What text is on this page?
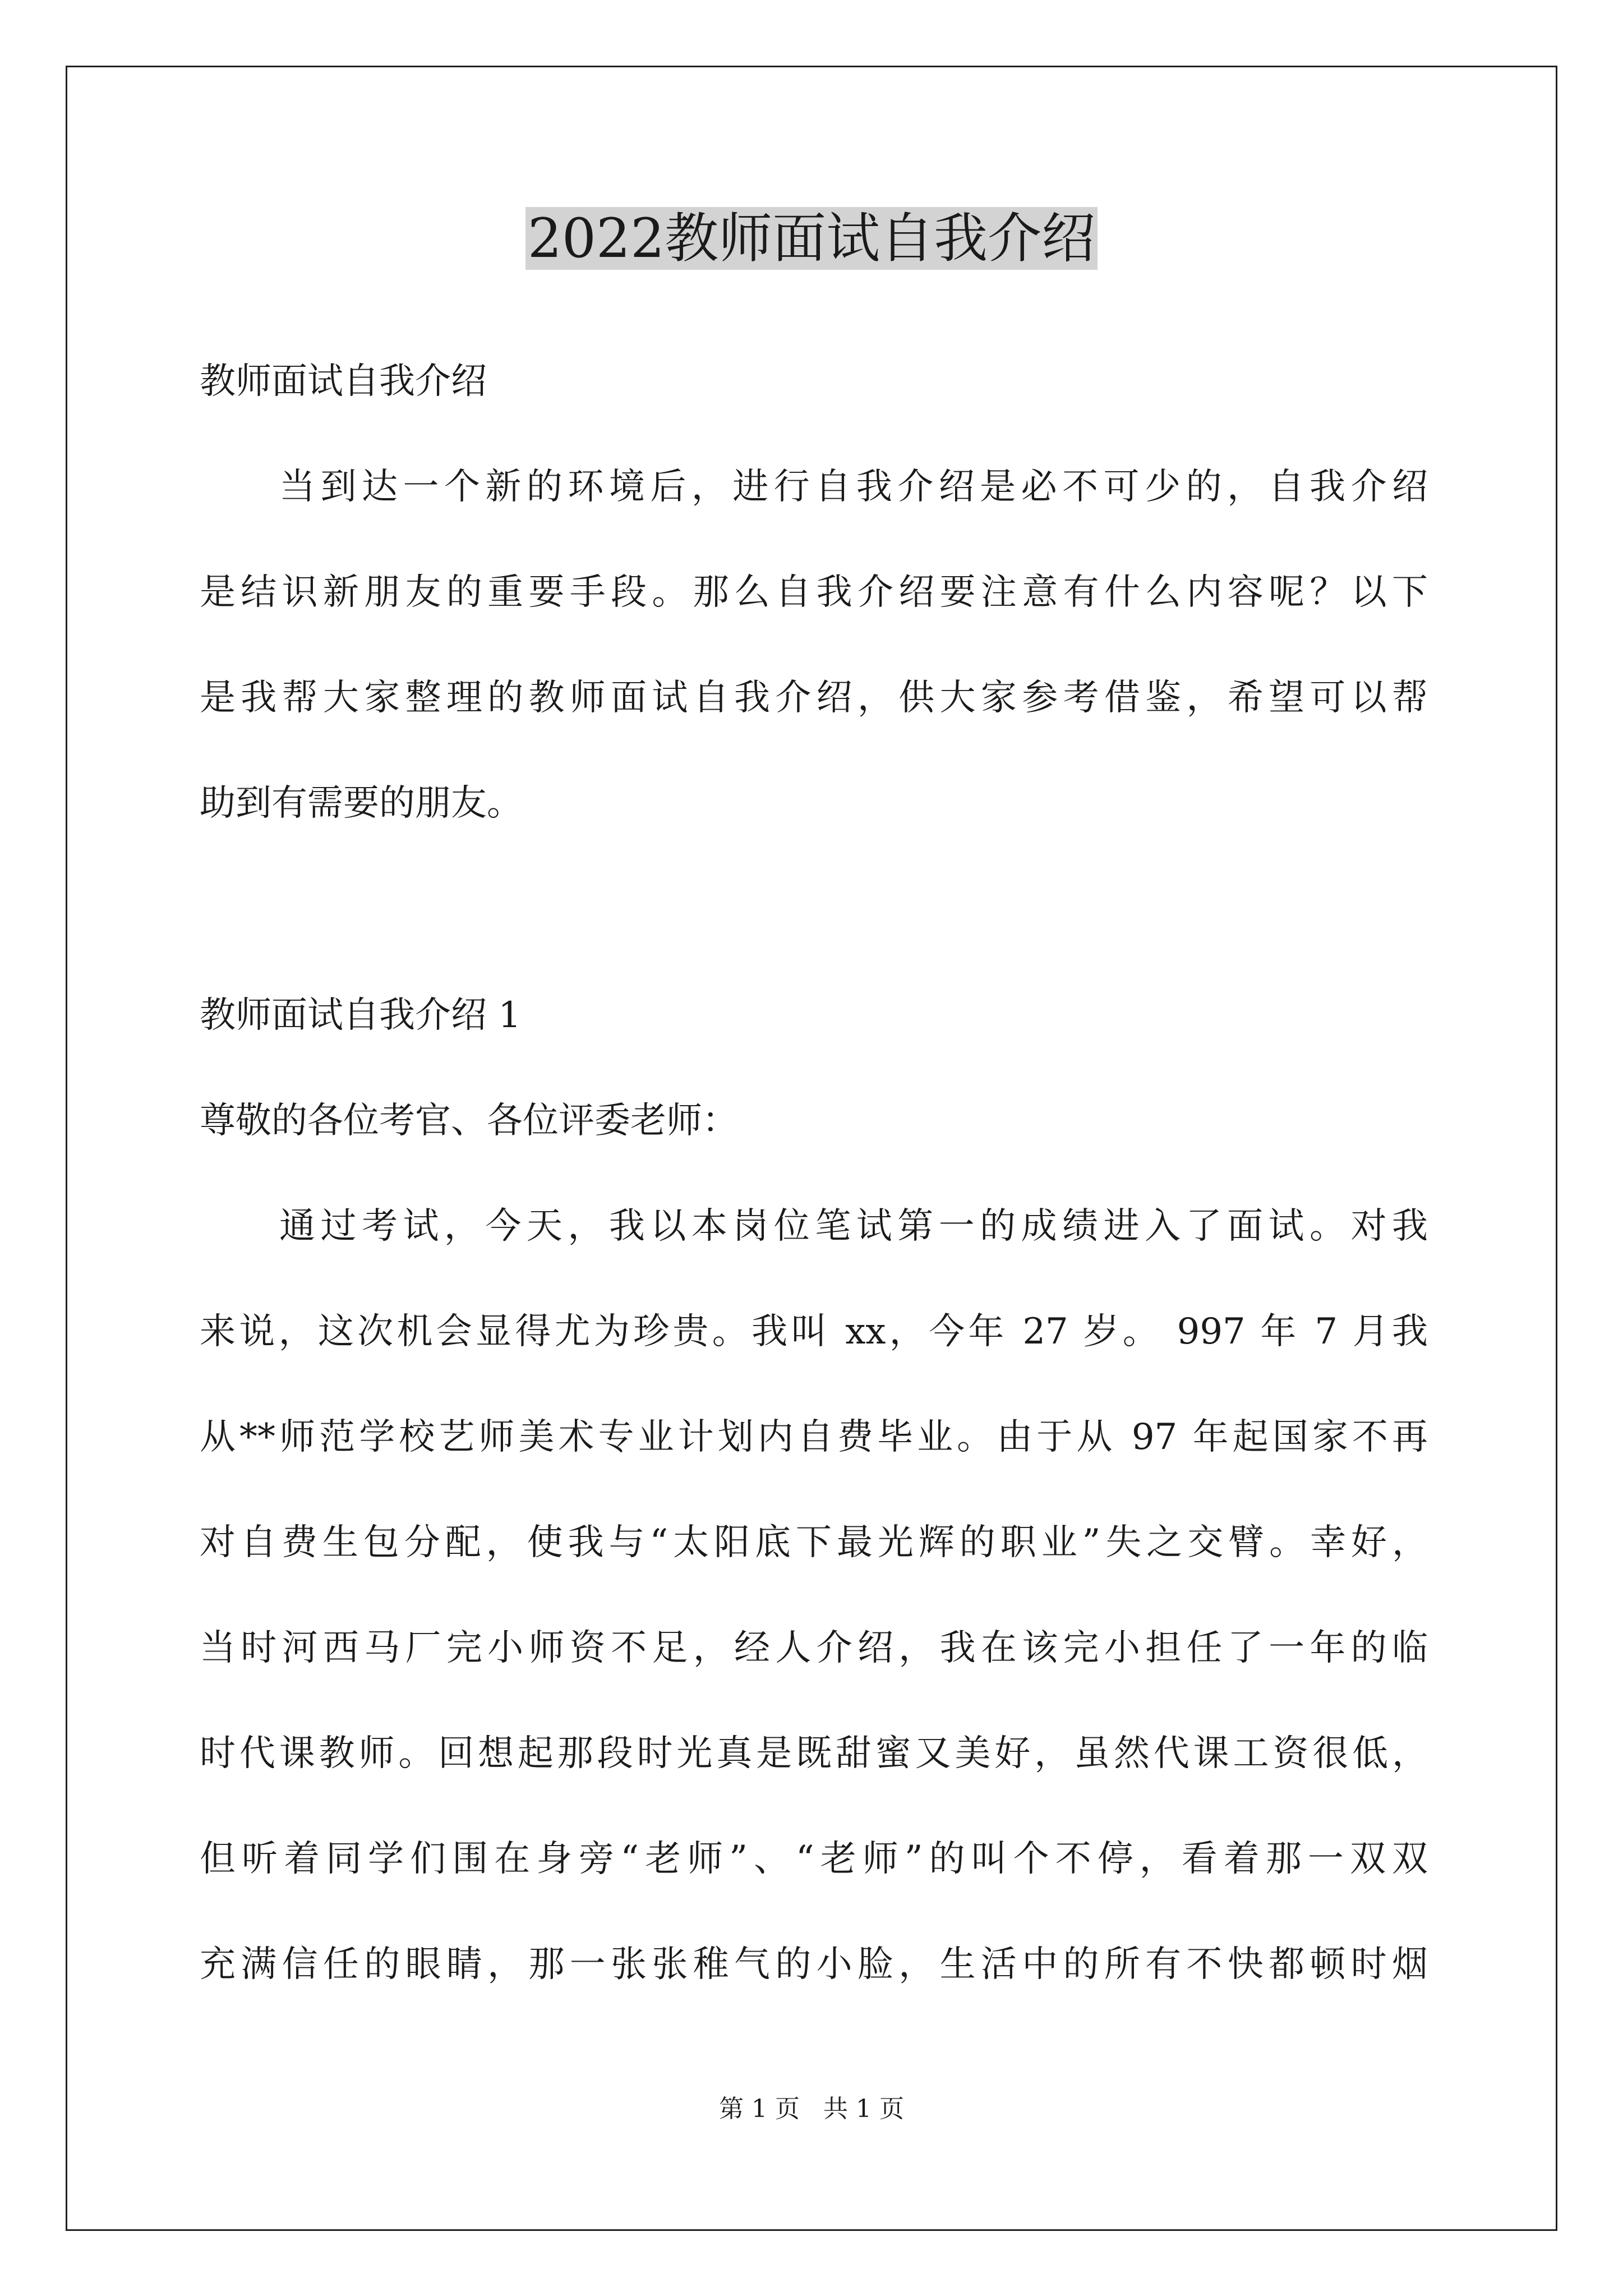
2022教师面试自我介绍
教师面试自我介绍
当到达一个新的环境后，进行自我介绍是必不可少的，自我介绍
是结识新朋友的重要手段。那么自我介绍要注意有什么内容呢？以下
是我帮大家整理的教师面试自我介绍，供大家参考借鉴，希望可以帮
助到有需要的朋友。
教师面试自我介绍 1
尊敬的各位考官、各位评委老师：
通过考试，今天，我以本岗位笔试第一的成绩进入了面试。对我
来说，这次机会显得尤为珍贵。我叫 xx，今年 27 岁。 997 年 7 月我
从**师范学校艺师美术专业计划内自费毕业。由于从 97 年起国家不再
对自费生包分配，使我与“太阳底下最光辉的职业”失之交臂。幸好，
当时河西马厂完小师资不足，经人介绍，我在该完小担任了一年的临
时代课教师。回想起那段时光真是既甜蜜又美好，虽然代课工资很低，
但听着同学们围在身旁“老师”、“老师”的叫个不停，看着那一双双
充满信任的眼睛，那一张张稚气的小脸，生活中的所有不快都顿时烟
第 1 页   共 1 页
